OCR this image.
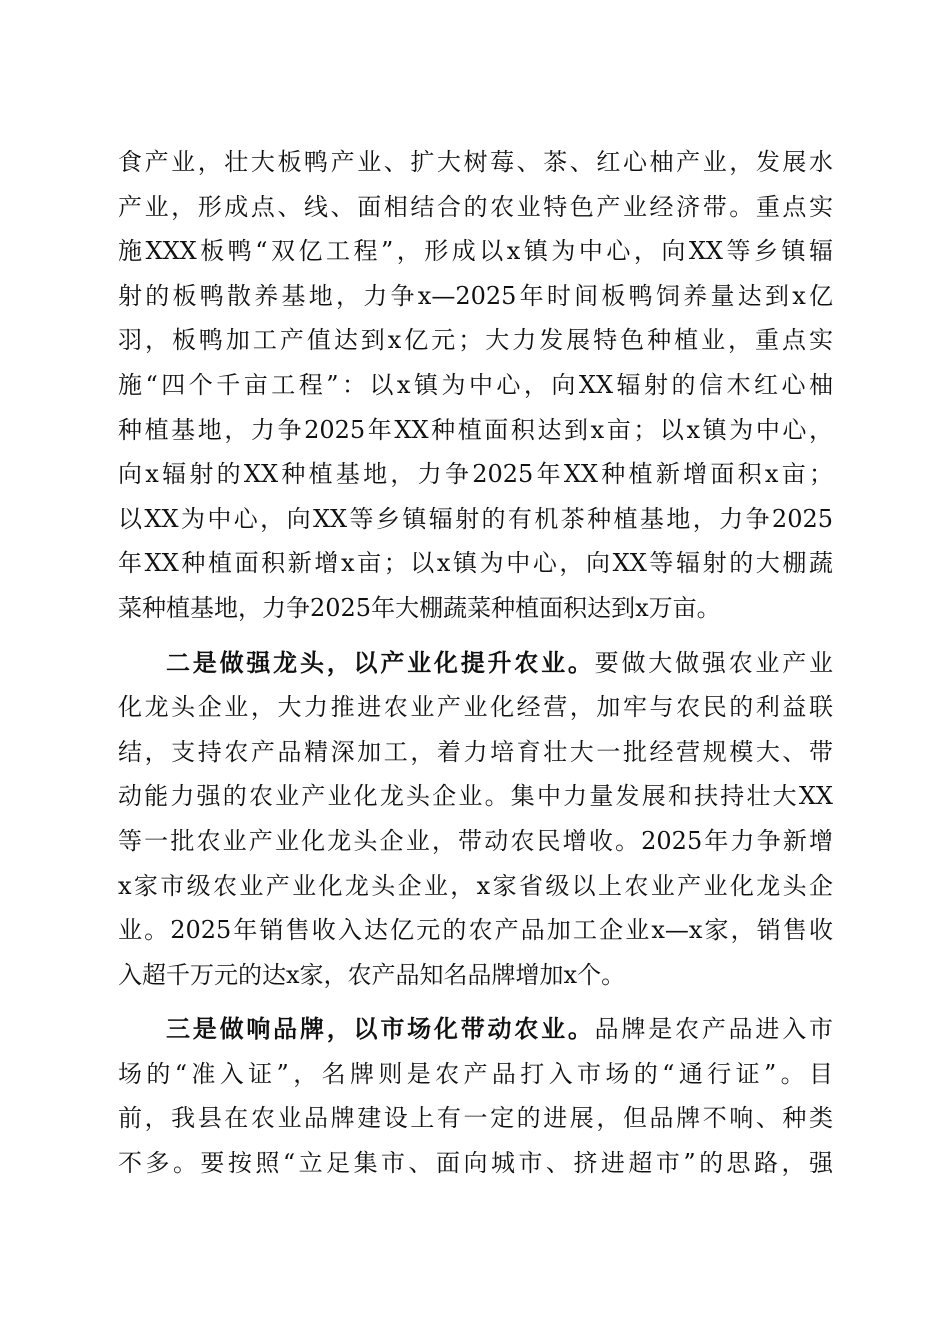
食产业，壮大板鸭产业、扩大树莓、茶、红心柚产业，发展水
产业，形成点、线、面相结合的农业特色产业经济带。重点实
施XXX板鸭“双亿工程”，形成以x镇为中心，向XX等乡镇辐
射的板鸭散养基地，力争x—2025年时间板鸭饲养量达到x亿
羽，板鸭加工产值达到x亿元；大力发展特色种植业，重点实
施“四个千亩工程”：以x镇为中心，向XX辐射的信木红心柚
种植基地，力争2025年XX种植面积达到x亩；以x镇为中心，
向x辐射的XX种植基地，力争2025年XX种植新增面积x亩；
以XX为中心，向XX等乡镇辐射的有机茶种植基地，力争2025
年XX种植面积新增x亩；以x镇为中心，向XX等辐射的大棚蔬
菜种植基地，力争2025年大棚蔬菜种植面积达到x万亩。
二是做强龙头，以产业化提升农业。要做大做强农业产业
化龙头企业，大力推进农业产业化经营，加牢与农民的利益联
结，支持农产品精深加工，着力培育壮大一批经营规模大、带
动能力强的农业产业化龙头企业。集中力量发展和扶持壮大XX
等一批农业产业化龙头企业，带动农民增收。2025年力争新增
x家市级农业产业化龙头企业，x家省级以上农业产业化龙头企
业。2025年销售收入达亿元的农产品加工企业x—x家，销售收
入超千万元的达x家，农产品知名品牌增加x个。
三是做响品牌，以市场化带动农业。品牌是农产品进入市
场的“准入证”，名牌则是农产品打入市场的“通行证”。目
前，我县在农业品牌建设上有一定的进展，但品牌不响、种类
不多。要按照“立足集市、面向城市、挤进超市”的思路，强
